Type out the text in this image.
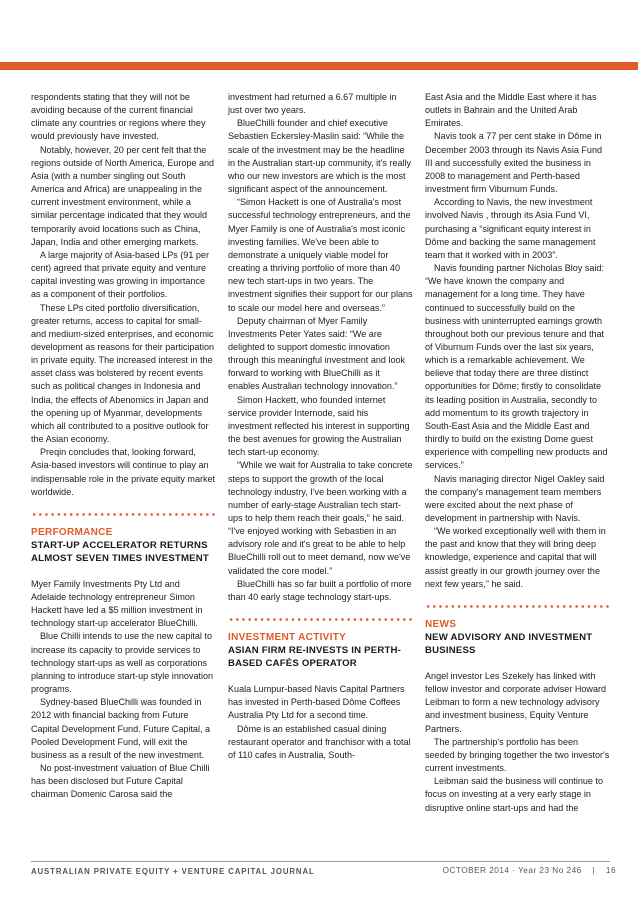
respondents stating that they will not be avoiding because of the current financial climate any countries or regions where they would previously have invested.

Notably, however, 20 per cent felt that the regions outside of North America, Europe and Asia (with a number singling out South America and Africa) are unappealing in the current investment environment, while a similar percentage indicated that they would temporarily avoid locations such as China, Japan, India and other emerging markets.

A large majority of Asia-based LPs (91 per cent) agreed that private equity and venture capital investing was growing in importance as a component of their portfolios.

These LPs cited portfolio diversification, greater returns, access to capital for small- and medium-sized enterprises, and economic development as reasons for their participation in private equity. The increased interest in the asset class was bolstered by recent events such as political changes in Indonesia and India, the effects of Abenomics in Japan and the opening up of Myanmar, developments which all contributed to a positive outlook for the Asian economy.

Preqin concludes that, looking forward, Asia-based investors will continue to play an indispensable role in the private equity market worldwide.

PERFORMANCE
START-UP ACCELERATOR RETURNS ALMOST SEVEN TIMES INVESTMENT

Myer Family Investments Pty Ltd and Adelaide technology entrepreneur Simon Hackett have led a $5 million investment in technology start-up accelerator BlueChilli.

Blue Chilli intends to use the new capital to increase its capacity to provide services to technology start-ups as well as corporations planning to introduce start-up style innovation programs.

Sydney-based BlueChilli was founded in 2012 with financial backing from Future Capital Development Fund. Future Capital, a Pooled Development Fund, will exit the business as a result of the new investment.

No post-investment valuation of Blue Chilli has been disclosed but Future Capital chairman Domenic Carosa said the

investment had returned a 6.67 multiple in just over two years.

BlueChilli founder and chief executive Sebastien Eckersley-Maslin said: “While the scale of the investment may be the headline in the Australian start-up community, it's really who our new investors are which is the most significant aspect of the announcement.

“Simon Hackett is one of Australia's most successful technology entrepreneurs, and the Myer Family is one of Australia's most iconic investing families. We've been able to demonstrate a uniquely viable model for creating a thriving portfolio of more than 40 new tech start-ups in two years. The investment signifies their support for our plans to scale our model here and overseas.”

Deputy chairman of Myer Family Investments Peter Yates said: “We are delighted to support domestic innovation through this meaningful investment and look forward to working with BlueChilli as it enables Australian technology innovation.”

Simon Hackett, who founded internet service provider Internode, said his investment reflected his interest in supporting the best avenues for growing the Australian tech start-up economy.

“While we wait for Australia to take concrete steps to support the growth of the local technology industry, I've been working with a number of early-stage Australian tech start-ups to help them reach their goals,” he said. “I've enjoyed working with Sebastien in an advisory role and it's great to be able to help BlueChilli roll out to meet demand, now we've validated the core model.”

BlueChilli has so far built a portfolio of more than 40 early stage technology start-ups.

INVESTMENT ACTIVITY
ASIAN FIRM RE-INVESTS IN PERTH-BASED CAFÉS OPERATOR

Kuala Lumpur-based Navis Capital Partners has invested in Perth-based Dôme Coffees Australia Pty Ltd for a second time.

Dôme is an established casual dining restaurant operator and franchisor with a total of 110 cafes in Australia, South-

East Asia and the Middle East where it has outlets in Bahrain and the United Arab Emirates.

Navis took a 77 per cent stake in Dôme in December 2003 through its Navis Asia Fund III and successfully exited the business in 2008 to management and Perth-based investment firm Viburnum Funds.

According to Navis, the new investment involved Navis , through its Asia Fund VI, purchasing a “significant equity interest in Dôme and backing the same management team that it worked with in 2003”.

Navis founding partner Nicholas Bloy said: “We have known the company and management for a long time. They have continued to successfully build on the business with uninterrupted earnings growth throughout both our previous tenure and that of Viburnum Funds over the last six years, which is a remarkable achievement. We believe that today there are three distinct opportunities for Dôme; firstly to consolidate its leading position in Australia, secondly to add momentum to its growth trajectory in South-East Asia and the Middle East and thirdly to build on the existing Dome guest experience with compelling new products and services.”

Navis managing director Nigel Oakley said the company's management team members were excited about the next phase of development in partnership with Navis.

“We worked exceptionally well with them in the past and know that they will bring deep knowledge, experience and capital that will assist greatly in our growth journey over the next few years,” he said.

NEWS
NEW ADVISORY AND INVESTMENT BUSINESS

Angel investor Les Szekely has linked with fellow investor and corporate adviser Howard Leibman to form a new technology advisory and investment business, Equity Venture Partners.

The partnership's portfolio has been seeded by bringing together the two investor's current investments.

Leibman said the business will continue to focus on investing at a very early stage in disruptive online start-ups and had the

AUSTRALIAN PRIVATE EQUITY + VENTURE CAPITAL JOURNAL	OCTOBER 2014 · Year 23 No 246 | 16
